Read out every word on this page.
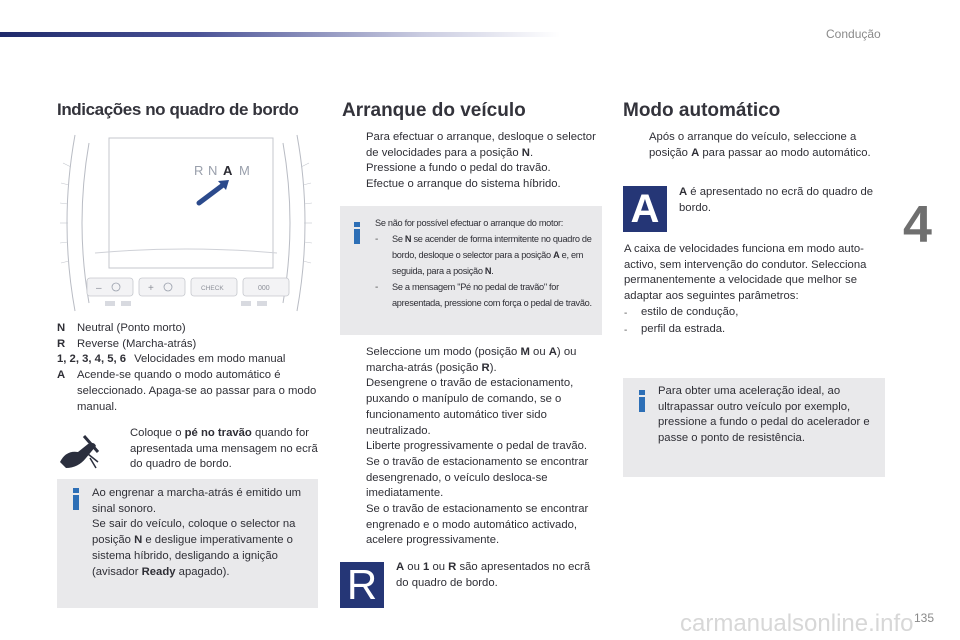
Condução
4
135
Indicações no quadro de bordo Arranque do veículo	Modo automático
R N A M
–	+	CHECK	000
N	Neutral (Ponto morto)
R	Reverse (Marcha-atrás)
1, 2, 3, 4, 5, 6 Velocidades em modo manual
A	Acende-se quando o modo automático é seleccionado. Apaga-se ao passar para o modo manual.
Coloque o pé no travão quando for apresentada uma mensagem no ecrã do quadro de bordo.
Ao engrenar a marcha-atrás é emitido um sinal sonoro.
Se sair do veículo, coloque o selector na posição N e desligue imperativamente o sistema híbrido, desligando a ignição (avisador Ready apagado).
Para efectuar o arranque, desloque o selector de velocidades para a posição N.
Pressione a fundo o pedal do travão.
Efectue o arranque do sistema híbrido.
Se não for possível efectuar o arranque do motor:
-	Se N se acender de forma intermitente no quadro de bordo, desloque o selector para a posição A e, em seguida, para a posição N.
-	Se a mensagem "Pé no pedal de travão" for apresentada, pressione com força o pedal de travão.
Seleccione um modo (posição M ou A) ou marcha-atrás (posição R).
Desengrene o travão de estacionamento, puxando o manípulo de comando, se o funcionamento automático tiver sido neutralizado.
Liberte progressivamente o pedal de travão.
Se o travão de estacionamento se encontrar desengrenado, o veículo desloca-se imediatamente.
Se o travão de estacionamento se encontrar engrenado e o modo automático activado, acelere progressivamente.
R	A ou 1 ou R são apresentados no ecrã do quadro de bordo.
Após o arranque do veículo, seleccione a posição A para passar ao modo automático.
A	A é apresentado no ecrã do quadro de bordo.
A caixa de velocidades funciona em modo auto-activo, sem intervenção do condutor. Selecciona permanentemente a velocidade que melhor se adaptar aos seguintes parâmetros:
-	estilo de condução,
-	perfil da estrada.
Para obter uma aceleração ideal, ao ultrapassar outro veículo por exemplo, pressione a fundo o pedal do acelerador e passe o ponto de resistência.
carmanualsonline.info
